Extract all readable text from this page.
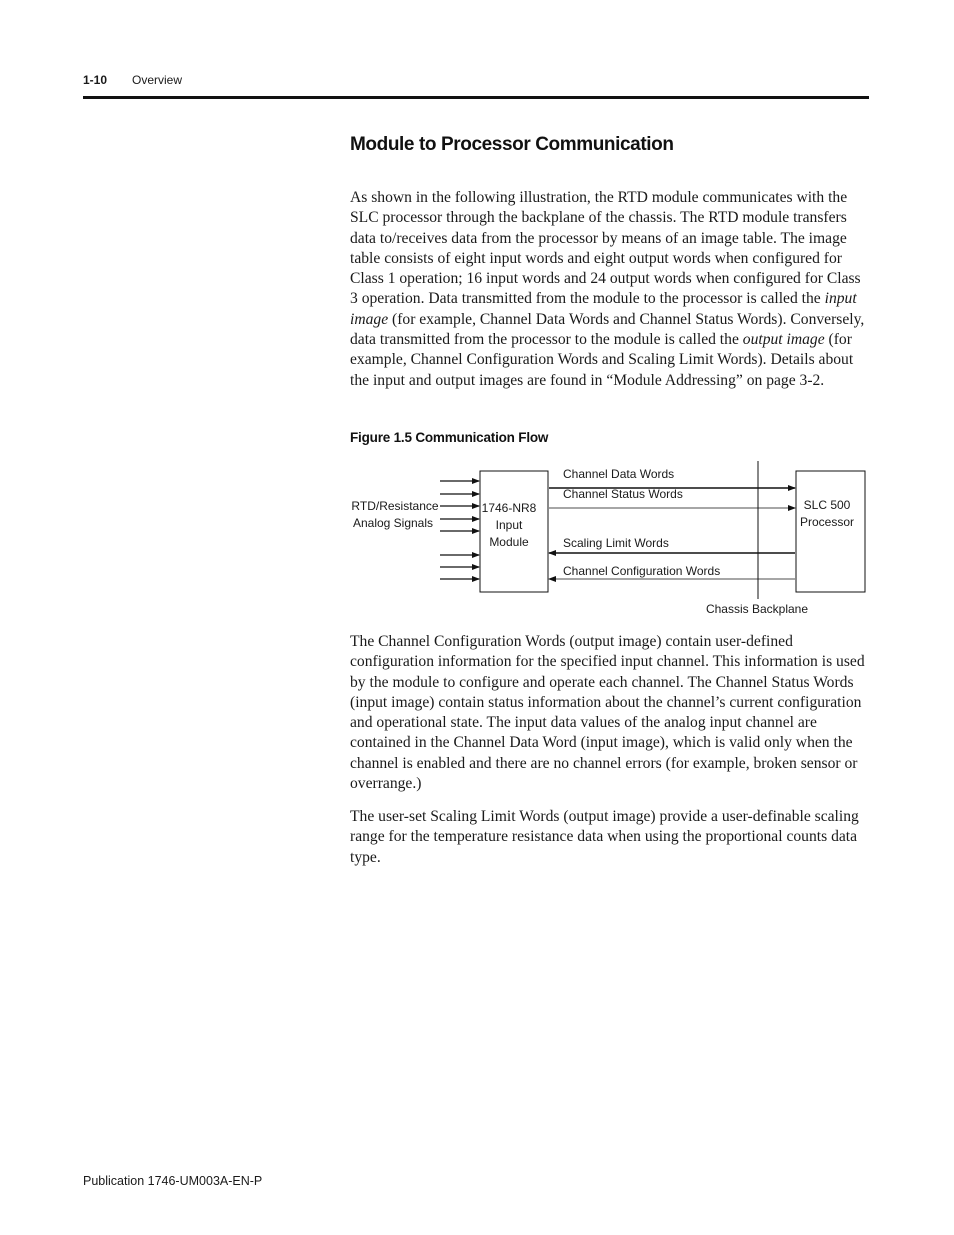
1-10 Overview
Module to Processor Communication

As shown in the following illustration, the RTD module communicates with the SLC processor through the backplane of the chassis. The RTD module transfers data to/receives data from the processor by means of an image table. The image table consists of eight input words and eight output words when configured for Class 1 operation; 16 input words and 24 output words when configured for Class 3 operation. Data transmitted from the module to the processor is called the input image (for example, Channel Data Words and Channel Status Words). Conversely, data transmitted from the processor to the module is called the output image (for example, Channel Configuration Words and Scaling Limit Words). Details about the input and output images are found in “Module Addressing” on page 3-2.

Figure 1.5 Communication Flow
RTD/Resistance
Analog Signals
1746-NR8
Input
Module
SLC 500
Processor
Channel Data Words
Channel Status Words
Scaling Limit Words
Channel Configuration Words
Chassis Backplane

The Channel Configuration Words (output image) contain user-defined configuration information for the specified input channel. This information is used by the module to configure and operate each channel. The Channel Status Words (input image) contain status information about the channel’s current configuration and operational state. The input data values of the analog input channel are contained in the Channel Data Word (input image), which is valid only when the channel is enabled and there are no channel errors (for example, broken sensor or overrange.)

The user-set Scaling Limit Words (output image) provide a user-definable scaling range for the temperature resistance data when using the proportional counts data type.

Publication 1746-UM003A-EN-P
